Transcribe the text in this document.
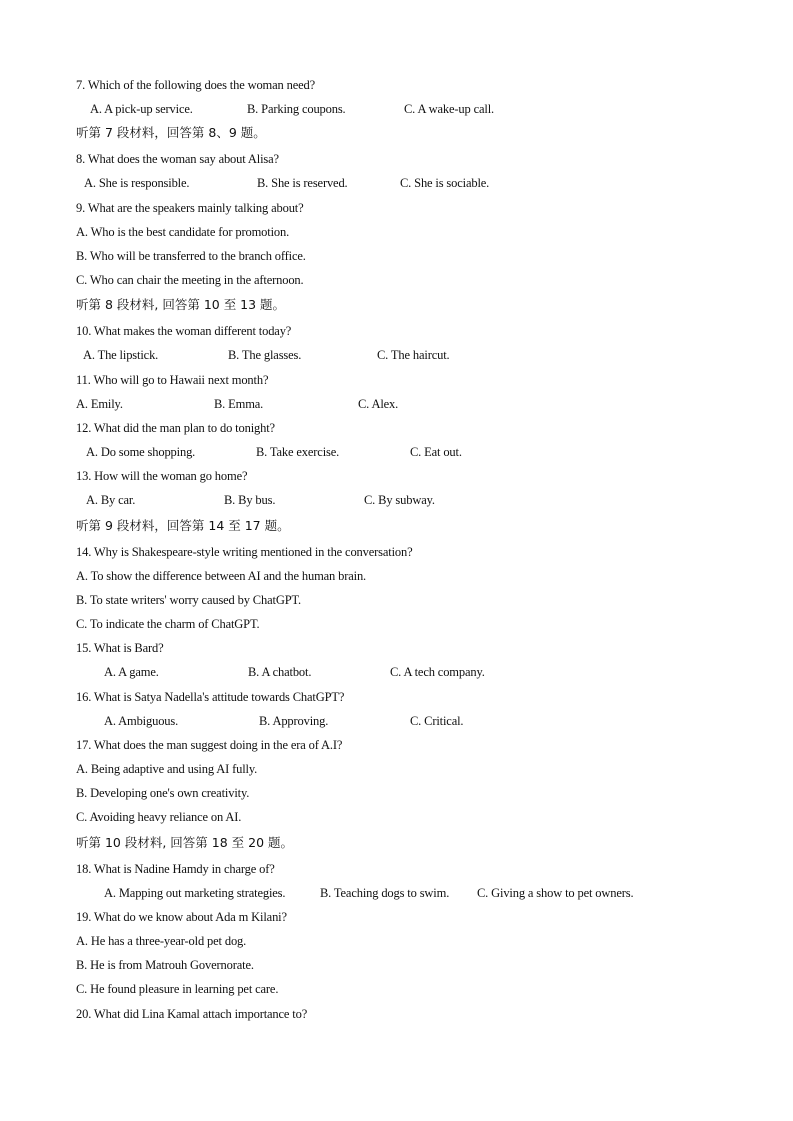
7. Which of the following does the woman need?
A. A pick-up service.	B. Parking coupons.	C. A wake-up call.
听第 7 段材料，回答第 8、9 题。
8. What does the woman say about Alisa?
A. She is responsible.	B. She is reserved.	C. She is sociable.
9. What are the speakers mainly talking about?
A. Who is the best candidate for promotion.
B. Who will be transferred to the branch office.
C. Who can chair the meeting in the afternoon.
听第 8 段材料, 回答第 10 至 13 题。
10. What makes the woman different today?
A. The lipstick.	B. The glasses.	C. The haircut.
11. Who will go to Hawaii next month?
A. Emily.	B. Emma.	C. Alex.
12. What did the man plan to do tonight?
A. Do some shopping.	B. Take exercise.	C. Eat out.
13. How will the woman go home?
A. By car.	B. By bus.	C. By subway.
听第 9 段材料，回答第 14 至 17 题。
14. Why is Shakespeare-style writing mentioned in the conversation?
A. To show the difference between AI and the human brain.
B. To state writers' worry caused by ChatGPT.
C. To indicate the charm of ChatGPT.
15. What is Bard?
A. A game.	B. A chatbot.	C. A tech company.
16. What is Satya Nadella's attitude towards ChatGPT?
A. Ambiguous.	B. Approving.	C. Critical.
17. What does the man suggest doing in the era of A.I?
A. Being adaptive and using AI fully.
B. Developing one's own creativity.
C. Avoiding heavy reliance on AI.
听第 10 段材料, 回答第 18 至 20 题。
18. What is Nadine Hamdy in charge of?
A. Mapping out marketing strategies.	B. Teaching dogs to swim. C. Giving a show to pet owners.
19. What do we know about Ada m Kilani?
A. He has a three-year-old pet dog.
B. He is from Matrouh Governorate.
C. He found pleasure in learning pet care.
20. What did Lina Kamal attach importance to?
